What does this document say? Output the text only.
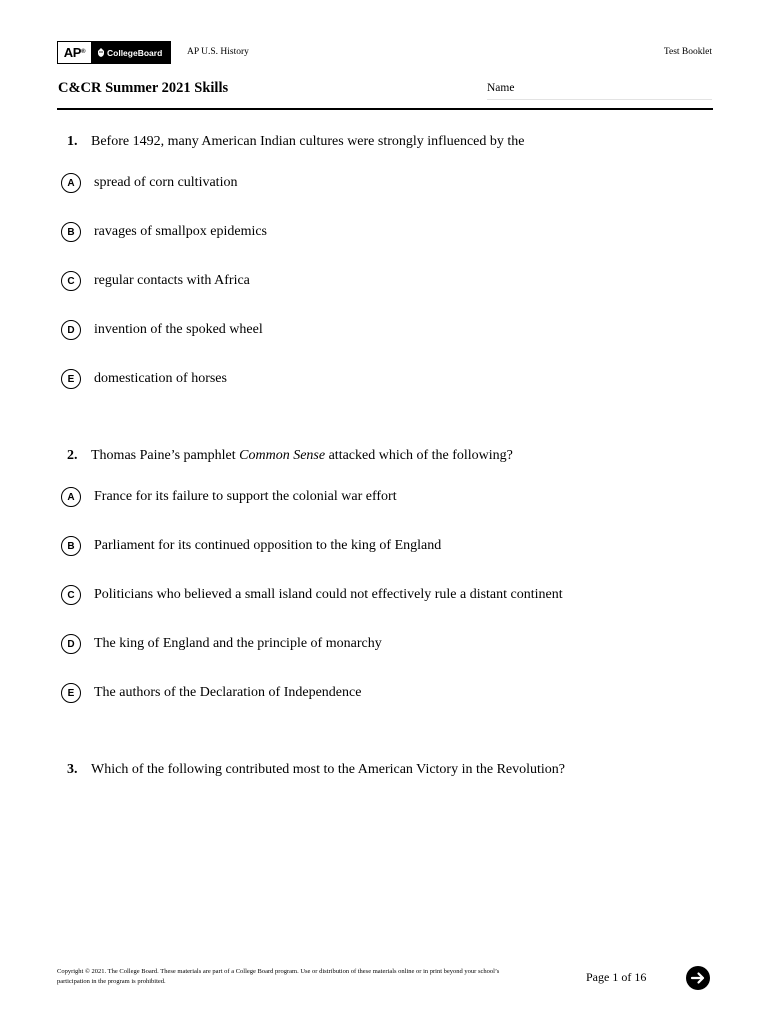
AP®	CollegeBoard	AP U.S. History	Test Booklet
C&CR Summer 2021 Skills	Name
1. Before 1492, many American Indian cultures were strongly influenced by the
A	spread of corn cultivation
B	ravages of smallpox epidemics
C	regular contacts with Africa
D	invention of the spoked wheel
E	domestication of horses
2. Thomas Paine’s pamphlet Common Sense attacked which of the following?
A	France for its failure to support the colonial war effort
B	Parliament for its continued opposition to the king of England
C	Politicians who believed a small island could not effectively rule a distant continent
D	The king of England and the principle of monarchy
E	The authors of the Declaration of Independence
3. Which of the following contributed most to the American Victory in the Revolution?
Copyright © 2021. The College Board. These materials are part of a College Board program. Use or distribution of these materials online or in print beyond your school’s participation in the program is prohibited.	Page 1 of 16
